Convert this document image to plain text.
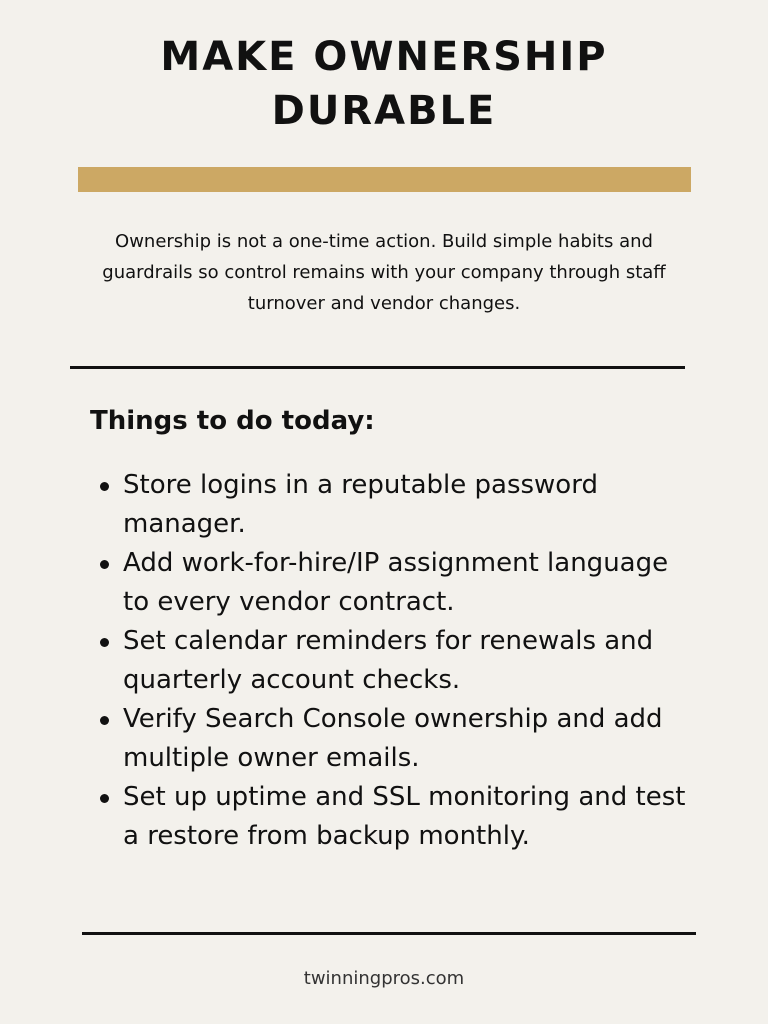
MAKE OWNERSHIP
DURABLE

Ownership is not a one-time action. Build simple habits and guardrails so control remains with your company through staff turnover and vendor changes.

Things to do today:
Store logins in a reputable password manager.
Add work-for-hire/IP assignment language to every vendor contract.
Set calendar reminders for renewals and quarterly account checks.
Verify Search Console ownership and add multiple owner emails.
Set up uptime and SSL monitoring and test a restore from backup monthly.
twinningpros.com
